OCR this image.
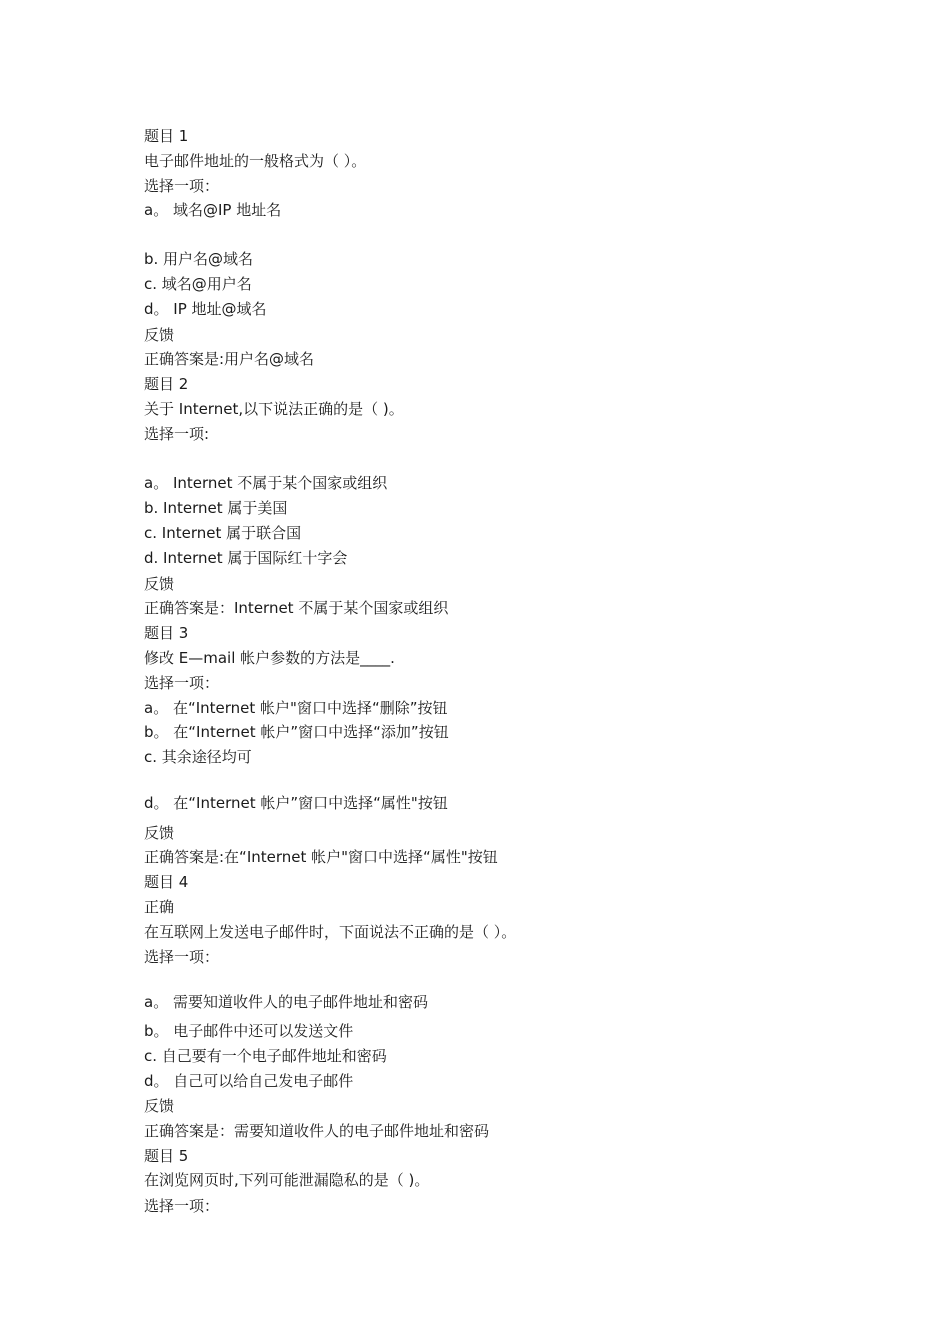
题目 1
电子邮件地址的一般格式为（ ）。
选择一项：
a。 域名@IP 地址名
b. 用户名@域名
c. 域名@用户名
d。 IP 地址@域名
反馈
正确答案是:用户名@域名
题目 2
关于 Internet,以下说法正确的是（ )。
选择一项:
a。 Internet 不属于某个国家或组织
b. Internet 属于美国
c. Internet 属于联合国
d. Internet 属于国际红十字会
反馈
正确答案是：Internet 不属于某个国家或组织
题目 3
修改 E—mail 帐户参数的方法是____.
选择一项：
a。 在“Internet 帐户"窗口中选择“删除”按钮
b。 在“Internet 帐户”窗口中选择“添加”按钮
c. 其余途径均可
d。 在“Internet 帐户”窗口中选择“属性"按钮
反馈
正确答案是:在“Internet 帐户"窗口中选择“属性"按钮
题目 4
正确
在互联网上发送电子邮件时，下面说法不正确的是（ ）。
选择一项：
a。 需要知道收件人的电子邮件地址和密码
b。 电子邮件中还可以发送文件
c. 自己要有一个电子邮件地址和密码
d。 自己可以给自己发电子邮件
反馈
正确答案是：需要知道收件人的电子邮件地址和密码
题目 5
在浏览网页时,下列可能泄漏隐私的是（ )。
选择一项：
